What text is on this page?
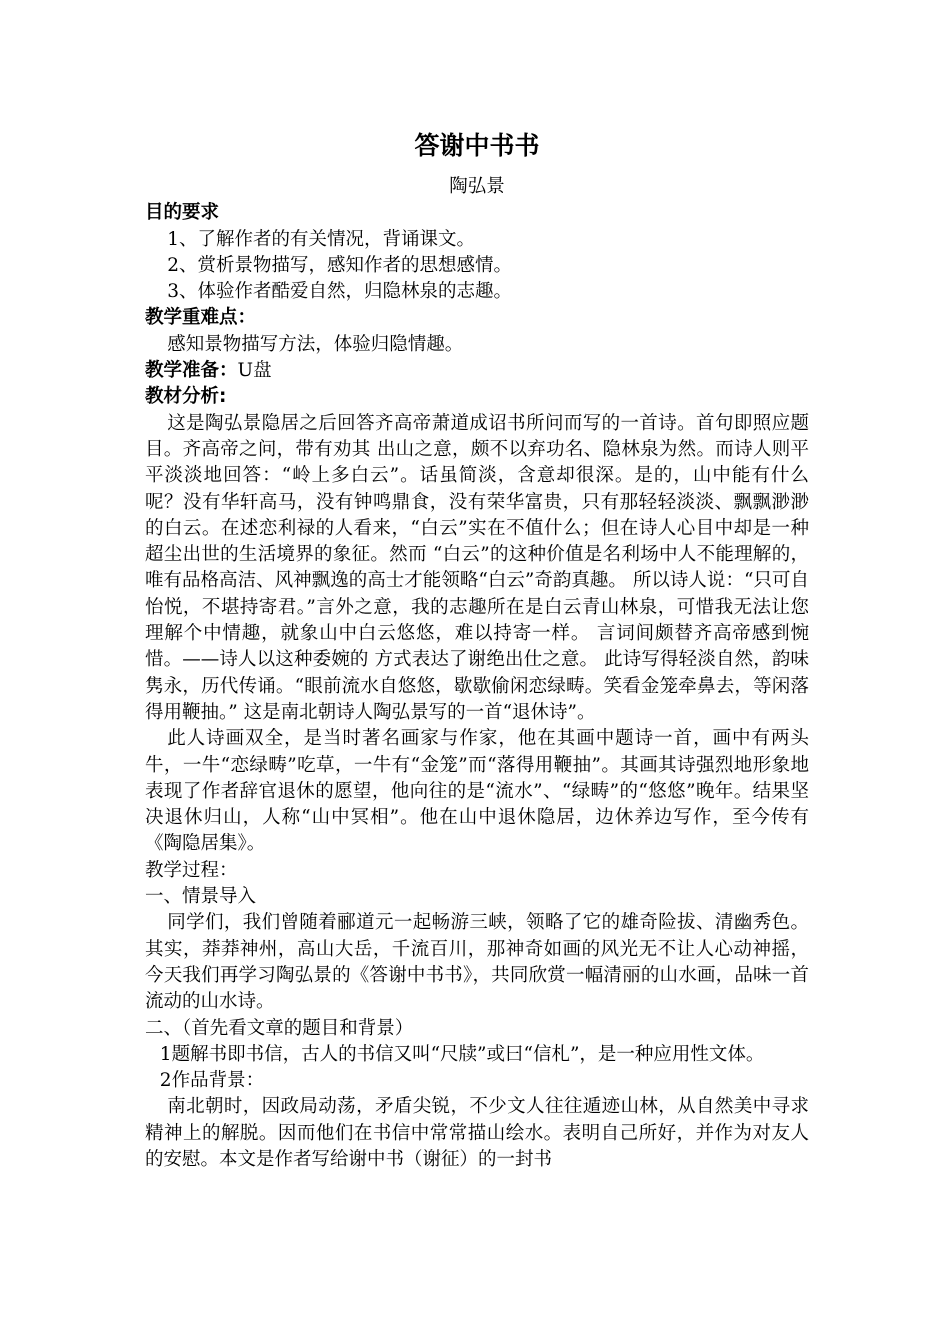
答谢中书书
陶弘景
目的要求
1、了解作者的有关情况，背诵课文。
2、赏析景物描写，感知作者的思想感情。
3、体验作者酷爱自然，归隐林泉的志趣。
教学重难点：
感知景物描写方法，体验归隐情趣。
教学准备：U盘
教材分析:
这是陶弘景隐居之后回答齐高帝萧道成诏书所问而写的一首诗。首句即照应题目。齐高帝之问，带有劝其 出山之意，颇不以弃功名、隐林泉为然。而诗人则平平淡淡地回答：“岭上多白云”。话虽简淡，含意却很深。是的，山中能有什么呢？没有华轩高马，没有钟鸣鼎食，没有荣华富贵，只有那轻轻淡淡、飘飘渺渺的白云。在述恋利禄的人看来，“白云”实在不值什么；但在诗人心目中却是一种超尘出世的生活境界的象征。然而 “白云”的这种价值是名利场中人不能理解的，唯有品格高洁、风神飘逸的高士才能领略“白云”奇韵真趣。 所以诗人说：“只可自怡悦，不堪持寄君。”言外之意，我的志趣所在是白云青山林泉，可惜我无法让您 理解个中情趣，就象山中白云悠悠，难以持寄一样。 言词间颇替齐高帝感到惋惜。——诗人以这种委婉的 方式表达了谢绝出仕之意。 此诗写得轻淡自然，韵味隽永，历代传诵。“眼前流水自悠悠，歇歇偷闲恋绿畴。笑看金笼牵鼻去，等闲落得用鞭抽。” 这是南北朝诗人陶弘景写的一首“退休诗”。
此人诗画双全，是当时著名画家与作家，他在其画中题诗一首，画中有两头牛，一牛“恋绿畴”吃草，一牛有“金笼”而“落得用鞭抽”。其画其诗强烈地形象地表现了作者辞官退休的愿望，他向往的是“流水”、“绿畴”的“悠悠”晚年。结果坚决退休归山，人称“山中冥相”。他在山中退休隐居，边休养边写作，至今传有《陶隐居集》。
教学过程：
一、情景导入
同学们，我们曾随着郦道元一起畅游三峡，领略了它的雄奇险拔、清幽秀色。其实，莽莽神州，高山大岳，千流百川，那神奇如画的风光无不让人心动神摇，今天我们再学习陶弘景的《答谢中书书》，共同欣赏一幅清丽的山水画，品味一首流动的山水诗。
二、（首先看文章的题目和背景）
1题解书即书信，古人的书信又叫“尺牍”或曰“信札”，是一种应用性文体。
2作品背景：
南北朝时，因政局动荡，矛盾尖锐，不少文人往往遁迹山林，从自然美中寻求精神上的解脱。因而他们在书信中常常描山绘水。表明自己所好，并作为对友人的安慰。本文是作者写给谢中书（谢征）的一封书
